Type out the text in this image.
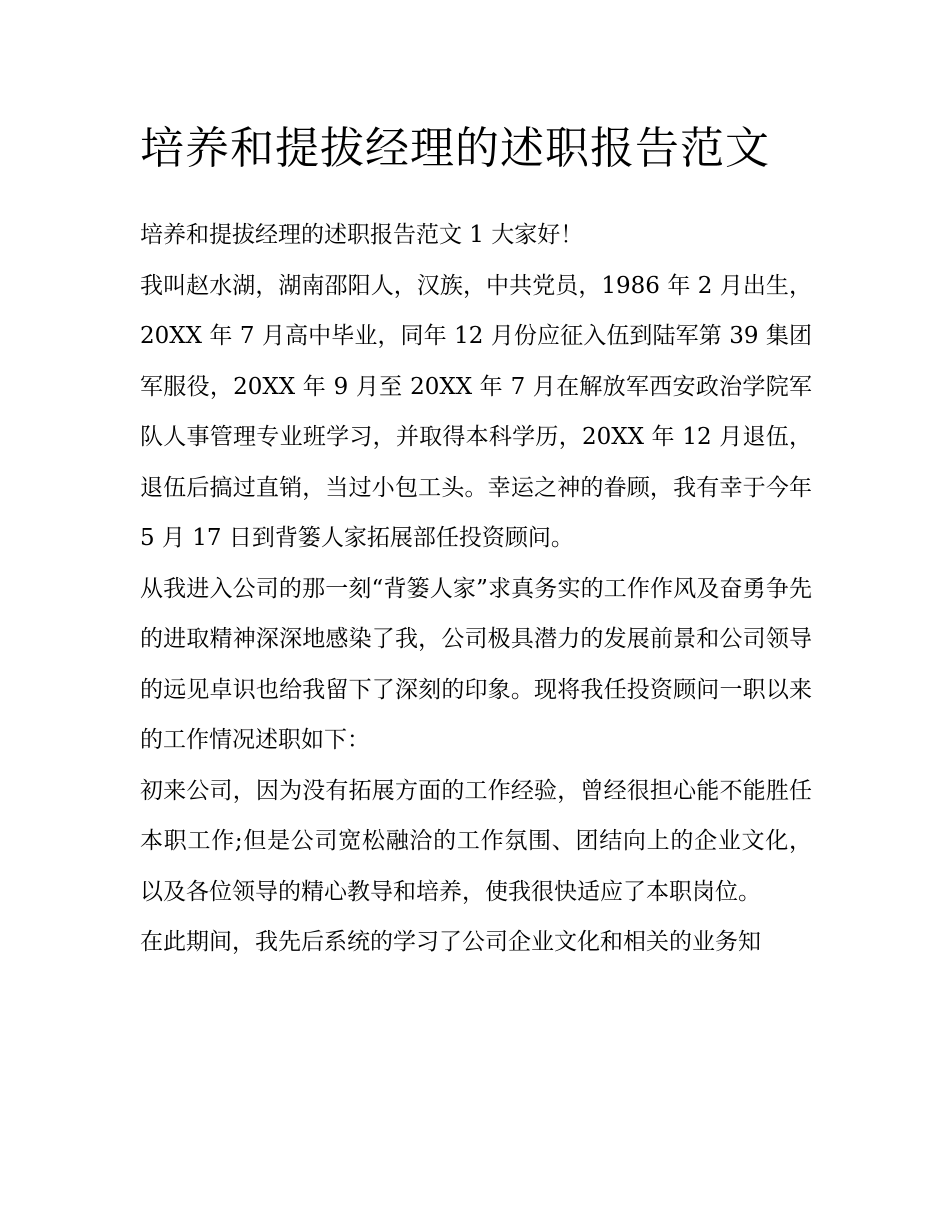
培养和提拔经理的述职报告范文

培养和提拔经理的述职报告范文 1 大家好！

我叫赵水湖，湖南邵阳人，汉族，中共党员，1986 年 2 月出生，20XX 年 7 月高中毕业，同年 12 月份应征入伍到陆军第 39 集团军服役，20XX 年 9 月至 20XX 年 7 月在解放军西安政治学院军队人事管理专业班学习，并取得本科学历，20XX 年 12 月退伍，退伍后搞过直销，当过小包工头。幸运之神的眷顾，我有幸于今年 5 月 17 日到背篓人家拓展部任投资顾问。

从我进入公司的那一刻“背篓人家”求真务实的工作作风及奋勇争先的进取精神深深地感染了我，公司极具潜力的发展前景和公司领导的远见卓识也给我留下了深刻的印象。现将我任投资顾问一职以来的工作情况述职如下：

初来公司，因为没有拓展方面的工作经验，曾经很担心能不能胜任本职工作;但是公司宽松融洽的工作氛围、团结向上的企业文化，以及各位领导的精心教导和培养，使我很快适应了本职岗位。

在此期间，我先后系统的学习了公司企业文化和相关的业务知
